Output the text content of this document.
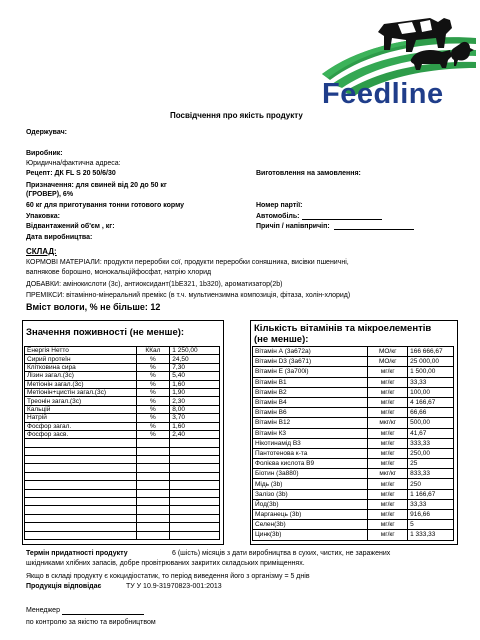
Feedline
Посвідчення про якість продукту
Одержувач:
Виробник:
Юридична/фактична адреса:
Рецепт: ДК FL S 20 50/6/30	Виготовлення на замовлення:
Призначення: для свиней від 20 до 50 кг
(ГРОВЕР), 6%
60 кг для приготування тонни готового корму	Номер партії:
Упаковка:	Автомобіль:
Відвантажений об'єм , кг:	Причіп / напівпричіп:
Дата виробництва:
СКЛАД:
КОРМОВІ МАТЕРІАЛИ: продукти переробки сої, продукти переробки соняшника, висівки пшеничні,
вапнякове борошно, монокальційфосфат, натрію хлорид
ДОБАВКИ: амінокислоти (3с), антиоксидант(1bE321, 1b320), ароматизатор(2b)
ПРЕМІКСИ: вітамінно-мінеральний премікс (в т.ч. мультиензимна композиція, фітаза, холін-хлорид)
Вміст вологи, % не більше: 12
Значення поживності (не менше):
Енергія Нетто	ККал	1 250,00
Сирий протеїн	%	24,50
Клітковина сира	%	7,30
Лізин загал.(3с)	%	5,40
Метіонін загал.(3с)	%	1,60
Метіонін+цистін загал.(3с)	%	1,90
Треонін загал.(3с)	%	2,30
Кальцій	%	8,00
Натрій	%	3,70
Фосфор загал.	%	1,60
Фосфор засв.	%	2,40

Кількість вітамінів та мікроелементів
(не менше):
Вітамін А (3а672а)	МО/кг	166 666,67
Вітамін D3 (3а671)	МО/кг	25 000,00
Вітамін Е (3а700і)	мг/кг	1 500,00
Вітамін В1	мг/кг	33,33
Вітамін В2	мг/кг	100,00
Вітамін В4	мг/кг	4 166,67
Вітамін В6	мг/кг	66,66
Вітамін В12	мкг/кг	500,00
Вітамін К3	мг/кг	41,67
Нікотинамід В3	мг/кг	333,33
Пантотенова к-та	мг/кг	250,00
Фолієва кислота В9	мг/кг	25
Біотин (3а880)	мкг/кг	833,33
Мідь (3b)	мг/кг	250
Залізо (3b)	мг/кг	1 166,67
Йод(3b)	мг/кг	33,33
Марганець (3b)	мг/кг	916,66
Селен(3b)	мг/кг	5
Цинк(3b)	мг/кг	1 333,33
Термін придатності продукту	6 (шість) місяців з дати виробництва в сухих, чистих, не заражених
шкідниками хлібних запасів, добре провітрюваних закритих складських приміщеннях.
Якщо в складі продукту є кокцидіостатик, то період виведення його з організму = 5 днів
Продукція відповідає	ТУ У 10.9-31970823-001:2013
Менеджер
по контролю за якістю та виробництвом
